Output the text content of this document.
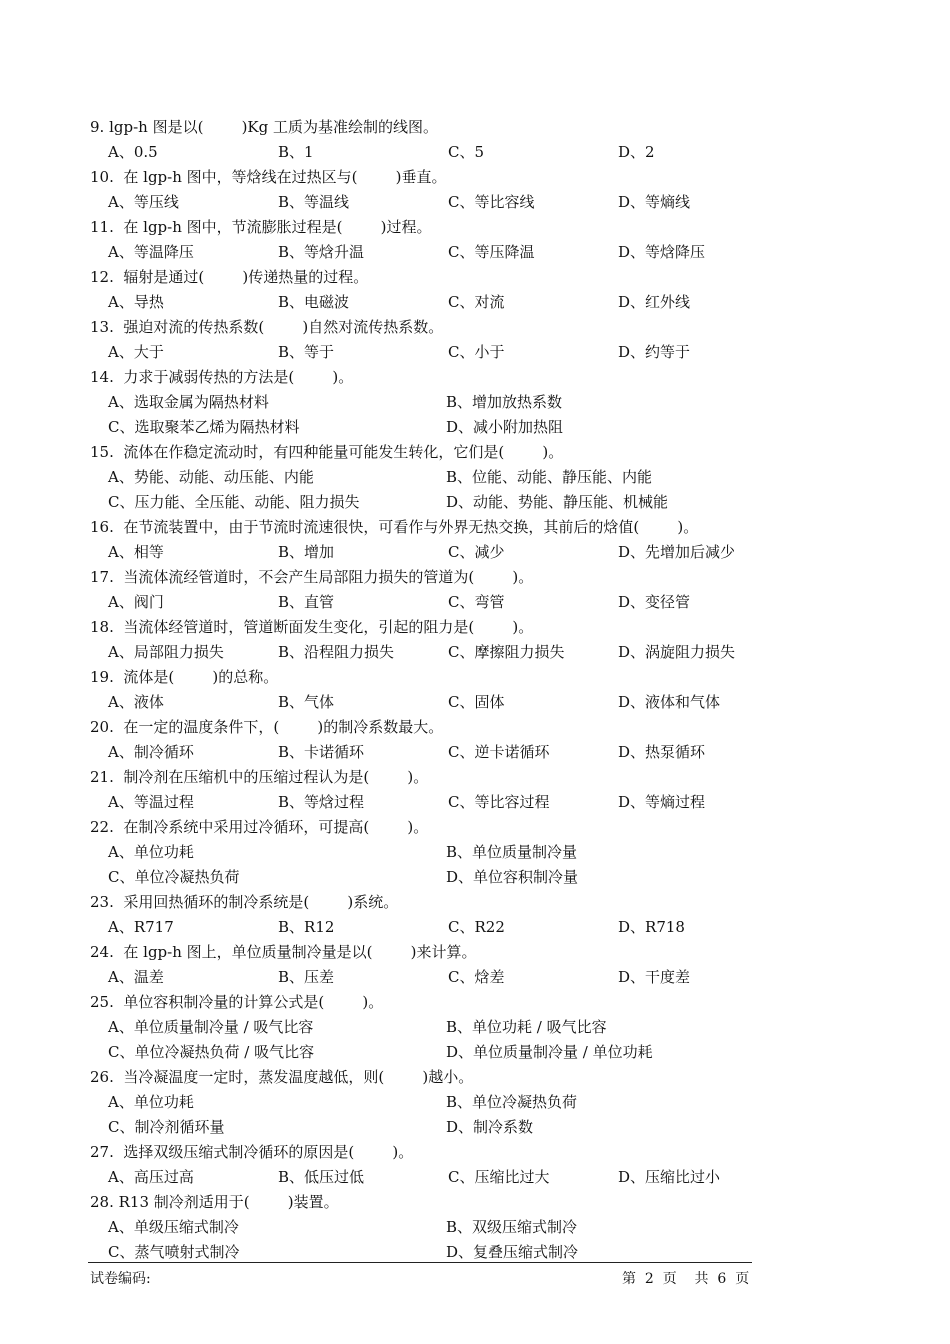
9. lgp-h 图是以(        )Kg 工质为基准绘制的线图。
A、0.5	B、1	C、5	D、2
10.  在 lgp-h 图中，等焓线在过热区与(        )垂直。
A、等压线	B、等温线	C、等比容线	D、等熵线
11.  在 lgp-h 图中，节流膨胀过程是(        )过程。
A、等温降压	B、等焓升温	C、等压降温	D、等焓降压
12.  辐射是通过(        )传递热量的过程。
A、导热	B、电磁波	C、对流	D、红外线
13.  强迫对流的传热系数(        )自然对流传热系数。
A、大于	B、等于	C、小于	D、约等于
14.  力求于减弱传热的方法是(        )。
A、选取金属为隔热材料	B、增加放热系数
C、选取聚苯乙烯为隔热材料	D、减小附加热阻
15.  流体在作稳定流动时，有四种能量可能发生转化，它们是(        )。
A、势能、动能、动压能、内能	B、位能、动能、静压能、内能
C、压力能、全压能、动能、阻力损失	D、动能、势能、静压能、机械能
16.  在节流装置中，由于节流时流速很快，可看作与外界无热交换，其前后的焓值(        )。
A、相等	B、增加	C、减少	D、先增加后减少
17.  当流体流经管道时，不会产生局部阻力损失的管道为(        )。
A、阀门	B、直管	C、弯管	D、变径管
18.  当流体经管道时，管道断面发生变化，引起的阻力是(        )。
A、局部阻力损失	B、沿程阻力损失	C、摩擦阻力损失	D、涡旋阻力损失
19.  流体是(        )的总称。
A、液体	B、气体	C、固体	D、液体和气体
20.  在一定的温度条件下，(        )的制冷系数最大。
A、制冷循环	B、卡诺循环	C、逆卡诺循环	D、热泵循环
21.  制冷剂在压缩机中的压缩过程认为是(        )。
A、等温过程	B、等焓过程	C、等比容过程	D、等熵过程
22.  在制冷系统中采用过冷循环，可提高(        )。
A、单位功耗	B、单位质量制冷量
C、单位冷凝热负荷	D、单位容积制冷量
23.  采用回热循环的制冷系统是(        )系统。
A、R717	B、R12	C、R22	D、R718
24.  在 lgp-h 图上，单位质量制冷量是以(        )来计算。
A、温差	B、压差	C、焓差	D、干度差
25.  单位容积制冷量的计算公式是(        )。
A、单位质量制冷量 / 吸气比容	B、单位功耗 / 吸气比容
C、单位冷凝热负荷 / 吸气比容	D、单位质量制冷量 / 单位功耗
26.  当冷凝温度一定时，蒸发温度越低，则(        )越小。
A、单位功耗	B、单位冷凝热负荷
C、制冷剂循环量	D、制冷系数
27.  选择双级压缩式制冷循环的原因是(        )。
A、高压过高	B、低压过低	C、压缩比过大	D、压缩比过小
28. R13 制冷剂适用于(        )装置。
A、单级压缩式制冷	B、双级压缩式制冷
C、蒸气喷射式制冷	D、复叠压缩式制冷
试卷编码:	第  2  页    共  6  页
